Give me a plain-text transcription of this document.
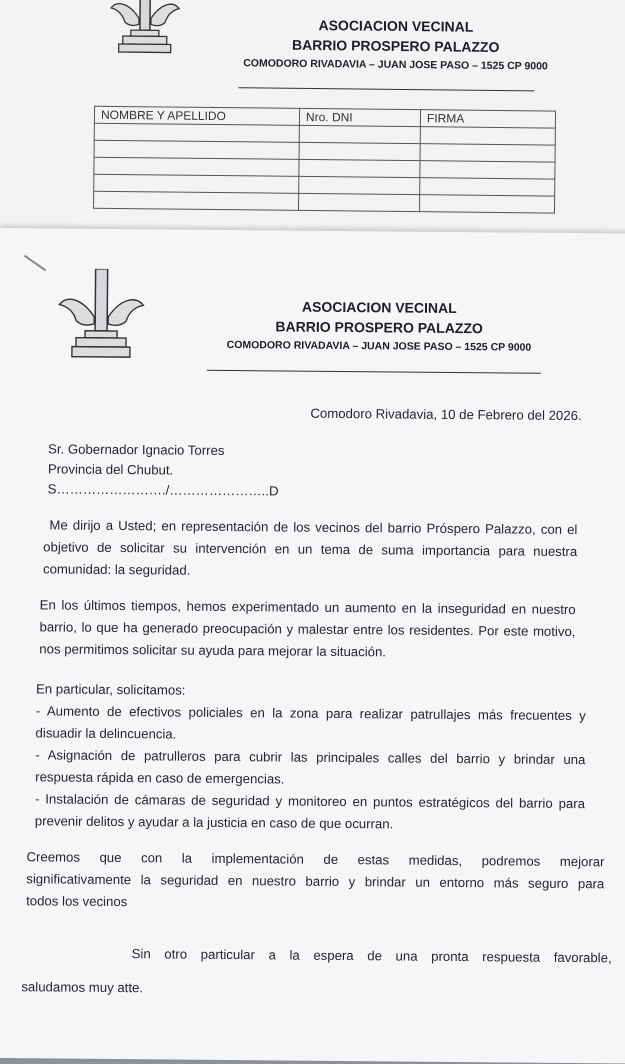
ASOCIACION VECINAL
BARRIO PROSPERO PALAZZO
COMODORO RIVADAVIA – JUAN JOSE PASO – 1525 CP 9000
NOMBRE Y APELLIDO	Nro. DNI	FIRMA

ASOCIACION VECINAL
BARRIO PROSPERO PALAZZO
COMODORO RIVADAVIA – JUAN JOSE PASO – 1525 CP 9000
Comodoro Rivadavia, 10 de Febrero del 2026.
Sr. Gobernador Ignacio Torres
Provincia del Chubut.
S……………………./…………………..D
Me dirijo a Usted; en representación de los vecinos del barrio Próspero Palazzo, con el
objetivo de solicitar su intervención en un tema de suma importancia para nuestra
comunidad: la seguridad.
En los últimos tiempos, hemos experimentado un aumento en la inseguridad en nuestro
barrio, lo que ha generado preocupación y malestar entre los residentes. Por este motivo,
nos permitimos solicitar su ayuda para mejorar la situación.
En particular, solicitamos:
- Aumento de efectivos policiales en la zona para realizar patrullajes más frecuentes y
disuadir la delincuencia.
- Asignación de patrulleros para cubrir las principales calles del barrio y brindar una
respuesta rápida en caso de emergencias.
- Instalación de cámaras de seguridad y monitoreo en puntos estratégicos del barrio para
prevenir delitos y ayudar a la justicia en caso de que ocurran.
Creemos que con la implementación de estas medidas, podremos mejorar
significativamente la seguridad en nuestro barrio y brindar un entorno más seguro para
todos los vecinos
Sin otro particular a la espera de una pronta respuesta favorable,
saludamos muy atte.
